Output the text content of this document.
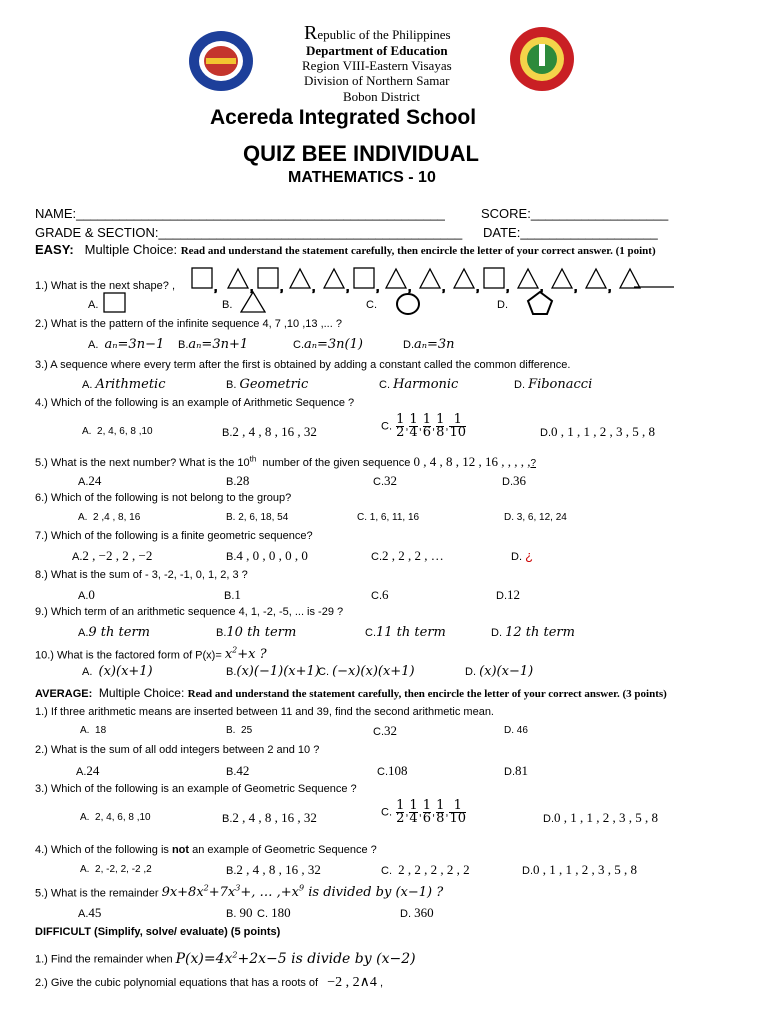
Republic of the Philippines
Department of Education
Region VIII-Eastern Visayas
Division of Northern Samar
Bobon District
Acereda Integrated School
QUIZ BEE INDIVIDUAL
MATHEMATICS - 10
NAME:___________________________________________________	SCORE:___________________
GRADE & SECTION:__________________________________________ DATE:___________________
EASY: Multiple Choice: Read and understand the statement carefully, then encircle the letter of your correct answer. (1 point)
1.) What is the next shape? ,	,	, , ,	, , ,	,	, ,	,	,	,
A.	B.	C.	D.
2.) What is the pattern of the infinite sequence 4, 7 ,10 ,13 ,... ?
A.  aₙ=3n−1 B.aₙ=3n+1	C.aₙ=3n(1)	D.aₙ=3n
3.) A sequence where every term after the first is obtained by adding a constant called the common difference.
A. Arithmetic	B. Geometric	C. Harmonic	D. Fibonacci
4.) Which of the following is an example of Arithmetic Sequence ?
A.  2, 4, 6, 8 ,10	B.2 , 4 , 8 , 16 , 32	C. $\frac{1}{2}$ , $\frac{1}{4}$ , $\frac{1}{6}$ , $\frac{1}{8}$ , $\frac{1}{10}$	D.0 , 1 , 1 , 2 , 3 , 5 , 8
5.) What is the next number? What is the 10th  number of the given sequence 0 , 4 , 8 , 12 , 16 , , , , ,?
A.24	B.28	C.32	D.36
6.) Which of the following is not belong to the group?
A.  2 ,4 , 8, 16	B. 2, 6, 18, 54	C. 1, 6, 11, 16	D. 3, 6, 12, 24
7.) Which of the following is a finite geometric sequence?
A.2 , −2 , 2 , −2	B.4 , 0 , 0 , 0 , 0	C.2 , 2 , 2 , …	D. ¿
8.) What is the sum of - 3, -2, -1, 0, 1, 2, 3 ?
A.0	B.1	C.6	D.12
9.) Which term of an arithmetic sequence 4, 1, -2, -5, ... is -29 ?
A.9 th term	B.10 th term	C.11 th term	D. 12 th term
10.) What is the factored form of $P(x)= x^2+x$ ?
A.  (x)(x+1)	B.(x)(−1)(x+1)
C. (−x)(x)(x+1)	D. (x)(x−1)
AVERAGE: Multiple Choice: Read and understand the statement carefully, then encircle the letter of your correct answer. (3 points)
1.) If three arithmetic means are inserted between 11 and 39, find the second arithmetic mean.
A.  18	B.  25	C.32	D. 46
2.) What is the sum of all odd integers between 2 and 10 ?
A.24	B.42	C.108	D.81
3.) Which of the following is an example of Geometric Sequence ?
A.  2, 4, 6, 8 ,10	B.2 , 4 , 8 , 16 , 32	C. $\frac{1}{2}$ , $\frac{1}{4}$ , $\frac{1}{6}$ , $\frac{1}{8}$ , $\frac{1}{10}$	D.0 , 1 , 1 , 2 , 3 , 5 , 8
4.) Which of the following is not an example of Geometric Sequence ?
A.  2, -2, 2, -2 ,2	B.2 , 4 , 8 , 16 , 32	C.  2 , 2 , 2 , 2 , 2	D.0 , 1 , 1 , 2 , 3 , 5 , 8
5.) What is the remainder $9x+8x^2+7x^3+$, … $,+x^9$ is divided by (x−1) ?
A.45	B. 90 C. 180	D. 360
DIFFICULT (Simplify, solve/ evaluate) (5 points)
1.) Find the remainder when $P(x)=4x^2+2x-5$ is divide by (x−2)
2.) Give the cubic polynomial equations that has a roots of −2 , 2∧4 ,
